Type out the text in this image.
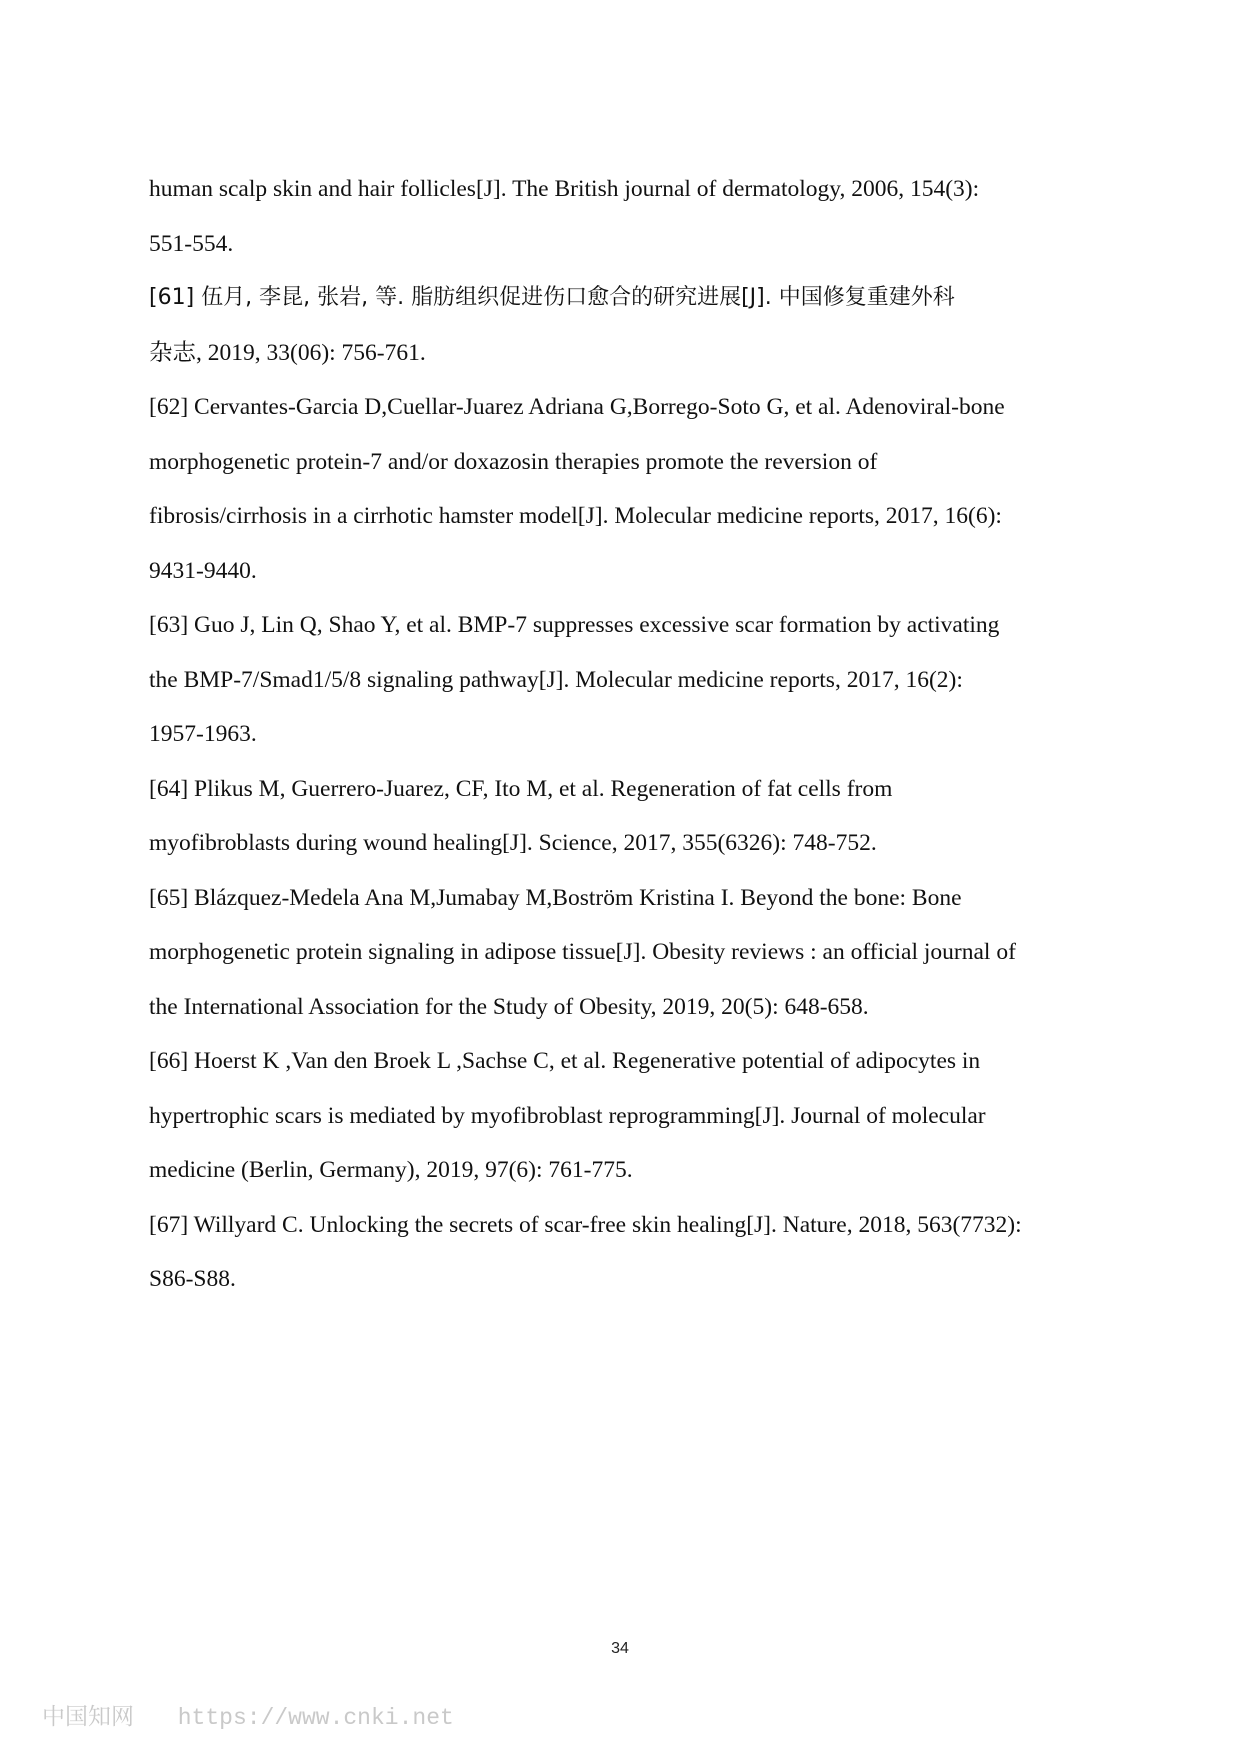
human scalp skin and hair follicles[J]. The British journal of dermatology, 2006, 154(3):
551-554.
[61] 伍月, 李昆, 张岩, 等. 脂肪组织促进伤口愈合的研究进展[J]. 中国修复重建外科
杂志, 2019, 33(06): 756-761.
[62] Cervantes-Garcia D,Cuellar-Juarez Adriana G,Borrego-Soto G, et al. Adenoviral‑bone
morphogenetic protein‑7 and/or doxazosin therapies promote the reversion of
fibrosis/cirrhosis in a cirrhotic hamster model[J]. Molecular medicine reports, 2017, 16(6):
9431-9440.
[63] Guo J, Lin Q, Shao Y, et al. BMP‑7 suppresses excessive scar formation by activating
the BMP‑7/Smad1/5/8 signaling pathway[J]. Molecular medicine reports, 2017, 16(2):
1957-1963.
[64] Plikus M, Guerrero-Juarez, CF, Ito M, et al. Regeneration of fat cells from
myofibroblasts during wound healing[J]. Science, 2017, 355(6326): 748-752.
[65] Blázquez-Medela Ana M,Jumabay M,Boström Kristina I. Beyond the bone: Bone
morphogenetic protein signaling in adipose tissue[J]. Obesity reviews : an official journal of
the International Association for the Study of Obesity, 2019, 20(5): 648-658.
[66] Hoerst K ,Van den Broek L ,Sachse C, et al. Regenerative potential of adipocytes in
hypertrophic scars is mediated by myofibroblast reprogramming[J]. Journal of molecular
medicine (Berlin, Germany), 2019, 97(6): 761-775.
[67] Willyard C. Unlocking the secrets of scar-free skin healing[J]. Nature, 2018, 563(7732):
S86-S88.
34
中国知网 https://www.cnki.net
